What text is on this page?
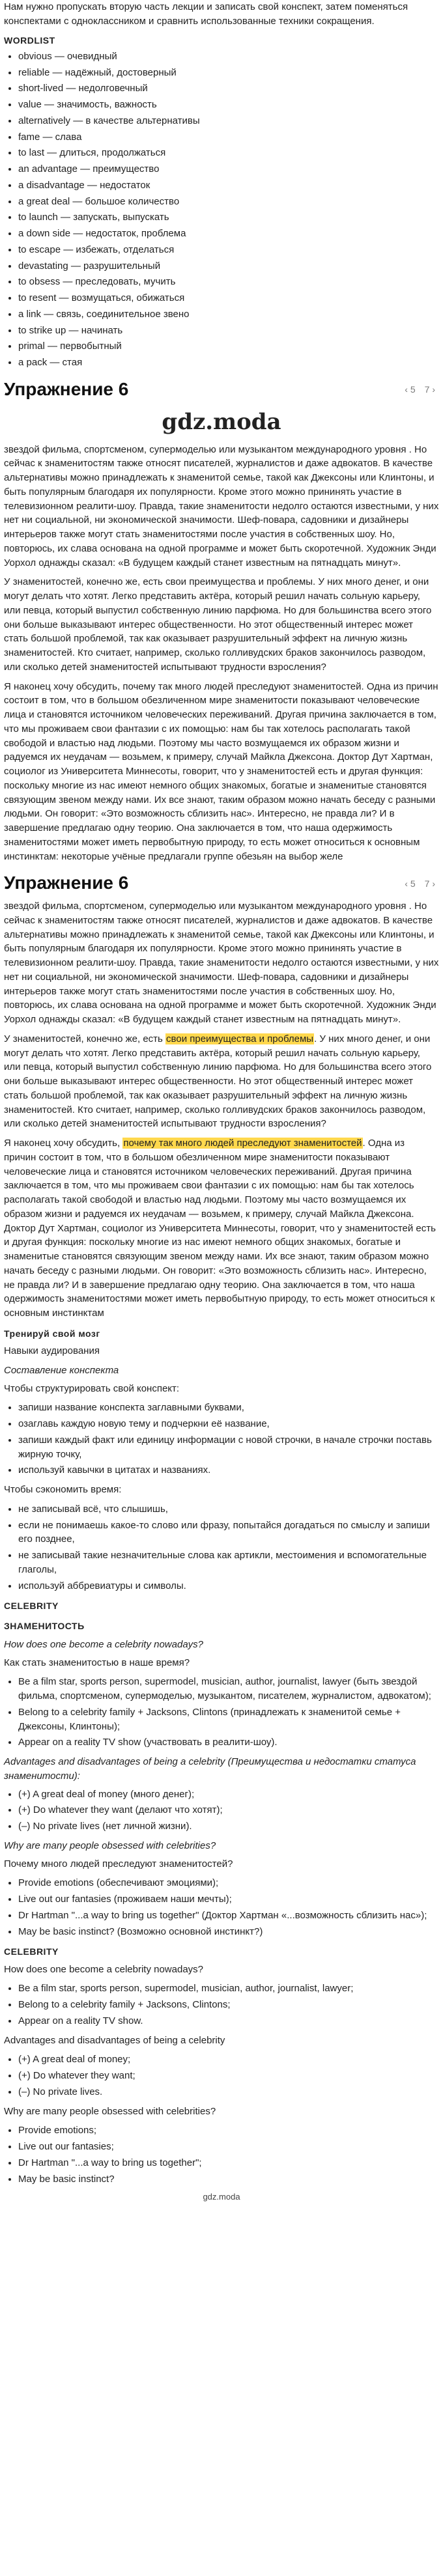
Нам нужно пропускать вторую часть лекции и записать свой конспект, затем поменяться конспектами с одноклассником и сравнить использованные техники сокращения.

WORDLIST
• obvious — очевидный
• reliable — надёжный, достоверный
• short-lived — недолговечный
• value — значимость, важность
• alternatively — в качестве альтернативы
• fame — слава
• to last — длиться, продолжаться
• an advantage — преимущество
• a disadvantage — недостаток
• a great deal — большое количество
• to launch — запускать, выпускать
• a down side — недостаток, проблема
• to escape — избежать, отделаться
• devastating — разрушительный
• to obsess — преследовать, мучить
• to resent — возмущаться, обижаться
• a link — связь, соединительное звено
• to strike up — начинать
• primal — первобытный
• a pack — стая
Упражнение 6	‹ 5 7 ›
gdz.moda

звездой фильма, спортсменом, супермоделью или музыкантом международного уровня . Но сейчас к знаменитостям также относят писателей, журналистов и даже адвокатов. В качестве альтернативы можно принадлежать к знаменитой семье, такой как Джексоны или Клинтоны, и быть популярным благодаря их популярности. Кроме этого можно прининять участие в телевизионном реалити-шоу. Правда, такие знаменитости недолго остаются известными, у них нет ни социальной, ни экономической значимости. Шеф-повара, садовники и дизайнеры интерьеров также могут стать знаменитостями после участия в собственных шоу. Но, повторюсь, их слава основана на одной программе и может быть скоротечной. Художник Энди Уорхол однажды сказал: «В будущем каждый станет известным на пятнадцать минут».

У знаменитостей, конечно же, есть свои преимущества и проблемы. У них много денег, и они могут делать что хотят. Легко представить актёра, который решил начать сольную карьеру, или певца, который выпустил собственную линию парфюма. Но для большинства всего этого они больше выказывают интерес общественности. Но этот общественный интерес может стать большой проблемой, так как оказывает разрушительный эффект на личную жизнь знаменитостей. Кто считает, например, сколько голливудских браков закончилось разводом, или сколько детей знаменитостей испытывают трудности взросления?

Я наконец хочу обсудить, почему так много людей преследуют знаменитостей. Одна из причин состоит в том, что в большом обезличенном мире знаменитости показывают человеческие лица и становятся источником человеческих переживаний. Другая причина заключается в том, что мы проживаем свои фантазии с их помощью: нам бы так хотелось располагать такой свободой и властью над людьми. Поэтому мы часто возмущаемся их образом жизни и радуемся их неудачам — возьмем, к примеру, случай Майкла Джексона. Доктор Дут Хартман, социолог из Университета Миннесоты, говорит, что у знаменитостей есть и другая функция: поскольку многие из нас имеют немного общих знакомых, богатые и знаменитые становятся связующим звеном между нами. Их все знают, таким образом можно начать беседу с разными людьми. Он говорит: «Это возможность сблизить нас». Интересно, не правда ли? И в завершение предлагаю одну теорию. Она заключается в том, что наша одержимость знаменитостями может иметь первобытную природу, то есть может относиться к основным инстинктам: некоторые учёные предлагали группе обезьян на выбор желе

Упражнение 6	‹ 5 7 ›

звездой фильма, спортсменом, супермоделью или музыкантом международного уровня . Но сейчас к знаменитостям также относят писателей, журналистов и даже адвокатов. В качестве альтернативы можно принадлежать к знаменитой семье, такой как Джексоны или Клинтоны, и быть популярным благодаря их популярности. Кроме этого можно прининять участие в телевизионном реалити-шоу. Правда, такие знаменитости недолго остаются известными, у них нет ни социальной, ни экономической значимости. Шеф-повара, садовники и дизайнеры интерьеров также могут стать знаменитостями после участия в собственных шоу. Но, повторюсь, их слава основана на одной программе и может быть скоротечной. Художник Энди Уорхол однажды сказал: «В будущем каждый станет известным на пятнадцать минут».

У знаменитостей, конечно же, есть свои преимущества и проблемы. У них много денег, и они могут делать что хотят. Легко представить актёра, который решил начать сольную карьеру, или певца, который выпустил собственную линию парфюма. Но для большинства всего этого они больше выказывают интерес общественности. Но этот общественный интерес может стать большой проблемой, так как оказывает разрушительный эффект на личную жизнь знаменитостей. Кто считает, например, сколько голливудских браков закончилось разводом, или сколько детей знаменитостей испытывают трудности взросления?

Я наконец хочу обсудить, почему так много людей преследуют знаменитостей. Одна из причин состоит в том, что в большом обезличенном мире знаменитости показывают человеческие лица и становятся источником человеческих переживаний. Другая причина заключается в том, что мы проживаем свои фантазии с их помощью: нам бы так хотелось располагать такой свободой и властью над людьми. Поэтому мы часто возмущаемся их образом жизни и радуемся их неудачам — возьмем, к примеру, случай Майкла Джексона. Доктор Дут Хартман, социолог из Университета Миннесоты, говорит, что у знаменитостей есть и другая функция: поскольку многие из нас имеют немного общих знакомых, богатые и знаменитые становятся связующим звеном между нами. Их все знают, таким образом можно начать беседу с разными людьми. Он говорит: «Это возможность сблизить нас». Интересно, не правда ли? И в завершение предлагаю одну теорию. Она заключается в том, что наша одержимость знаменитостями может иметь первобытную природу, то есть может относиться к основным инстинктам

Тренируй свой мозг

Навыки аудирования

Составление конспекта

Чтобы структурировать свой конспект:

• запиши название конспекта заглавными буквами,
• озаглавь каждую новую тему и подчеркни её название,
• запиши каждый факт или единицу информации с новой строчки, в начале строчки поставь жирную точку,
• используй кавычки в цитатах и названиях.

Чтобы сэкономить время:

• не записывай всё, что слышишь,
• если не понимаешь какое-то слово или фразу, попытайся догадаться по смыслу и запиши его позднее,
• не записывай такие незначительные слова как артикли, местоимения и вспомогательные глаголы,
• используй аббревиатуры и символы.
CELEBRITY
ЗНАМЕНИТОСТЬ

How does one become a celebrity nowadays?

Как стать знаменитостью в наше время?

• Be a film star, sports person, supermodel, musician, author, journalist, lawyer (быть звездой фильма, спортсменом, супермоделью, музыкантом, писателем, журналистом, адвокатом);
• Belong to a celebrity family + Jacksons, Clintons (принадлежать к знаменитой семье + Джексоны, Клинтоны);
• Appear on a reality TV show (участвовать в реалити-шоу).

Advantages and disadvantages of being a celebrity (Преимущества и недостатки статуса знаменитости):

• (+) A great deal of money (много денег);
• (+) Do whatever they want (делают что хотят);
• (–) No private lives (нет личной жизни).

Why are many people obsessed with celebrities?

Почему много людей преследуют знаменитостей?

• Provide emotions (обеспечивают эмоциями);
• Live out our fantasies (проживаем наши мечты);
• Dr Hartman "...a way to bring us together" (Доктор Хартман «...возможность сблизить нас»);
• May be basic instinct? (Возможно основной инстинкт?)
CELEBRITY

How does one become a celebrity nowadays?

• Be a film star, sports person, supermodel, musician, author, journalist, lawyer;
• Belong to a celebrity family + Jacksons, Clintons;
• Appear on a reality TV show.

Advantages and disadvantages of being a celebrity

• (+) A great deal of money;
• (+) Do whatever they want;
• (–) No private lives.

Why are many people obsessed with celebrities?

• Provide emotions;
• Live out our fantasies;
• Dr Hartman "...a way to bring us together";
• May be basic instinct?
gdz.moda
